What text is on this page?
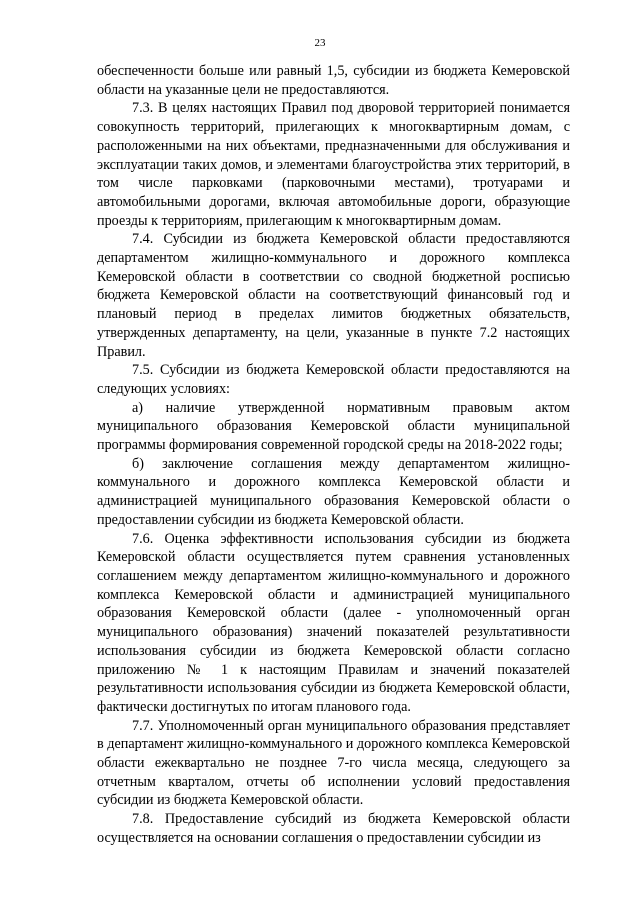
23

обеспеченности больше или равный 1,5, субсидии из бюджета Кемеровской области на указанные цели не предоставляются.

7.3. В целях настоящих Правил под дворовой территорией понимается совокупность территорий, прилегающих к многоквартирным домам, с расположенными на них объектами, предназначенными для обслуживания и эксплуатации таких домов, и элементами благоустройства этих территорий, в том числе парковками (парковочными местами), тротуарами и автомобильными дорогами, включая автомобильные дороги, образующие проезды к территориям, прилегающим к многоквартирным домам.

7.4. Субсидии из бюджета Кемеровской области предоставляются департаментом жилищно-коммунального и дорожного комплекса Кемеровской области в соответствии со сводной бюджетной росписью бюджета Кемеровской области на соответствующий финансовый год и плановый период в пределах лимитов бюджетных обязательств, утвержденных департаменту, на цели, указанные в пункте 7.2 настоящих Правил.

7.5. Субсидии из бюджета Кемеровской области предоставляются на следующих условиях:

а) наличие утвержденной нормативным правовым актом муниципального образования Кемеровской области муниципальной программы формирования современной городской среды на 2018-2022 годы;

б) заключение соглашения между департаментом жилищно-коммунального и дорожного комплекса Кемеровской области и администрацией муниципального образования Кемеровской области о предоставлении субсидии из бюджета Кемеровской области.

7.6. Оценка эффективности использования субсидии из бюджета Кемеровской области осуществляется путем сравнения установленных соглашением между департаментом жилищно-коммунального и дорожного комплекса Кемеровской области и администрацией муниципального образования Кемеровской области (далее - уполномоченный орган муниципального образования) значений показателей результативности использования субсидии из бюджета Кемеровской области согласно приложению № 1 к настоящим Правилам и значений показателей результативности использования субсидии из бюджета Кемеровской области, фактически достигнутых по итогам планового года.

7.7. Уполномоченный орган муниципального образования представляет в департамент жилищно-коммунального и дорожного комплекса Кемеровской области ежеквартально не позднее 7-го числа месяца, следующего за отчетным кварталом, отчеты об исполнении условий предоставления субсидии из бюджета Кемеровской области.

7.8. Предоставление субсидий из бюджета Кемеровской области осуществляется на основании соглашения о предоставлении субсидии из
